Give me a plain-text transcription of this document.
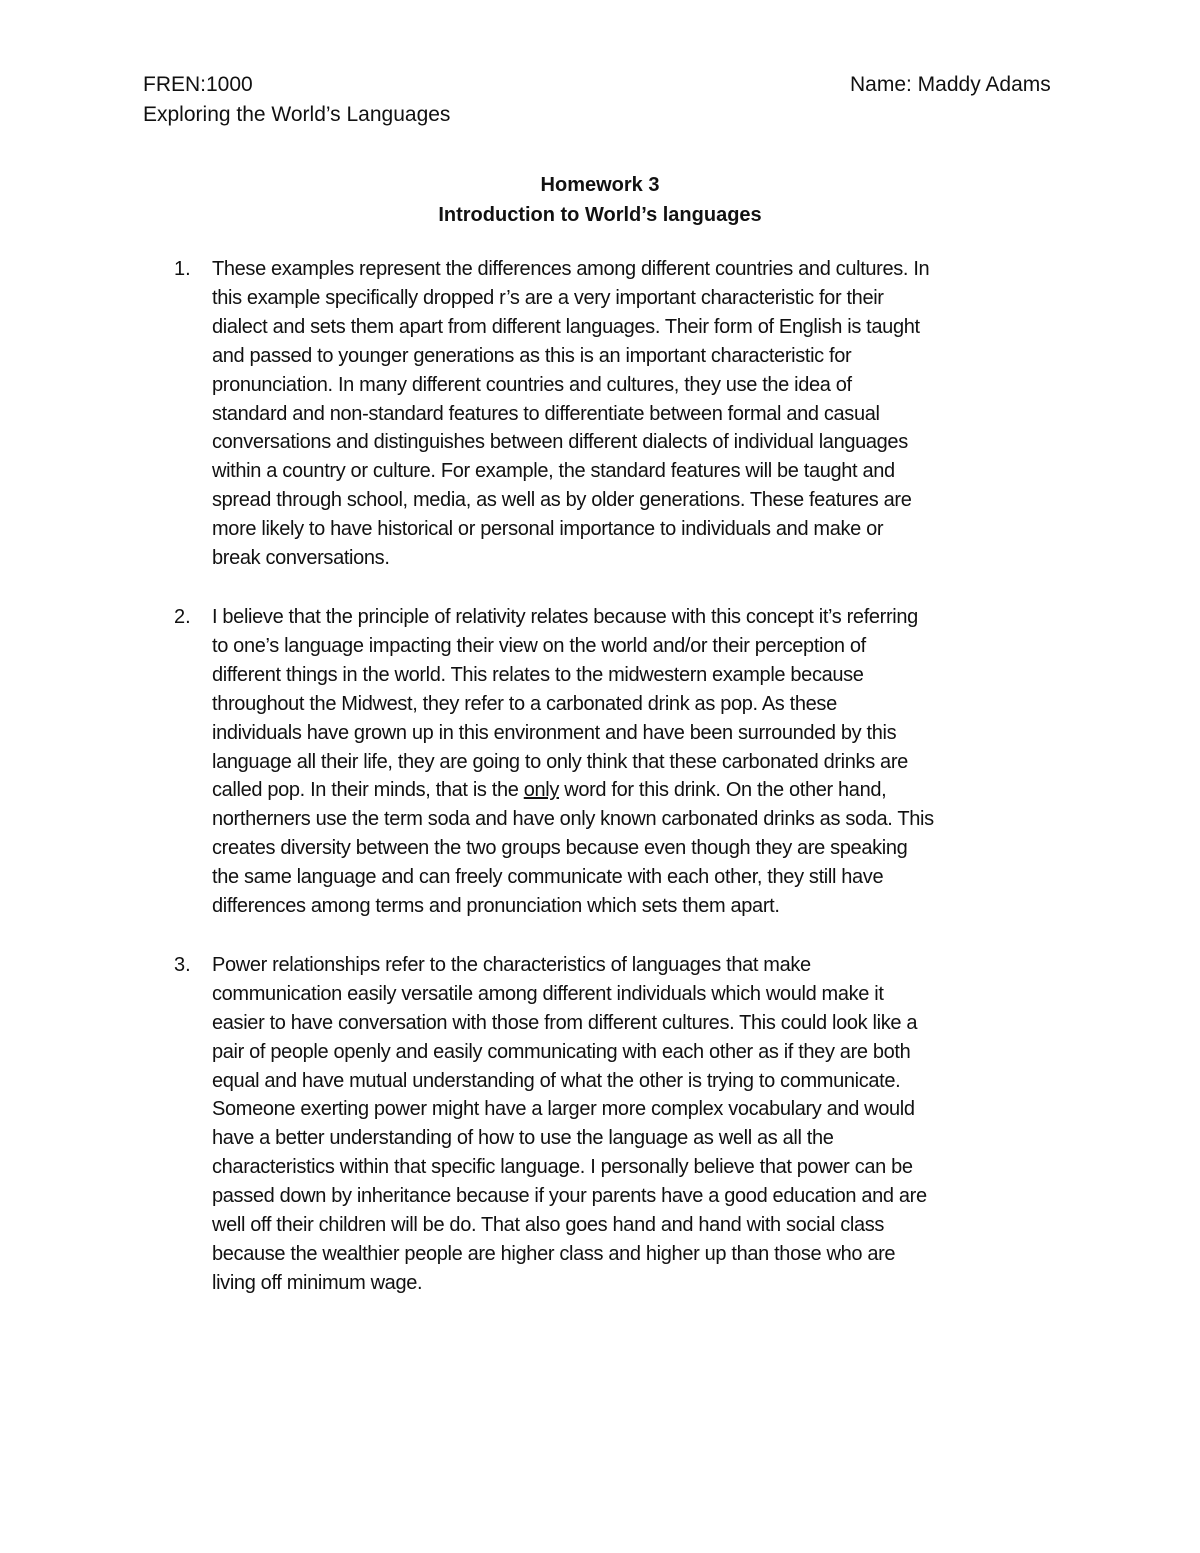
FREN:1000
Exploring the World’s Languages
Name: Maddy Adams
Homework 3
Introduction to World’s languages
1. These examples represent the differences among different countries and cultures. In
this example specifically dropped r’s are a very important characteristic for their
dialect and sets them apart from different languages. Their form of English is taught
and passed to younger generations as this is an important characteristic for
pronunciation. In many different countries and cultures, they use the idea of
standard and non-standard features to differentiate between formal and casual
conversations and distinguishes between different dialects of individual languages
within a country or culture. For example, the standard features will be taught and
spread through school, media, as well as by older generations. These features are
more likely to have historical or personal importance to individuals and make or
break conversations.
2. I believe that the principle of relativity relates because with this concept it’s referring
to one’s language impacting their view on the world and/or their perception of
different things in the world. This relates to the midwestern example because
throughout the Midwest, they refer to a carbonated drink as pop. As these
individuals have grown up in this environment and have been surrounded by this
language all their life, they are going to only think that these carbonated drinks are
called pop. In their minds, that is the only word for this drink. On the other hand,
northerners use the term soda and have only known carbonated drinks as soda. This
creates diversity between the two groups because even though they are speaking
the same language and can freely communicate with each other, they still have
differences among terms and pronunciation which sets them apart.
3. Power relationships refer to the characteristics of languages that make
communication easily versatile among different individuals which would make it
easier to have conversation with those from different cultures. This could look like a
pair of people openly and easily communicating with each other as if they are both
equal and have mutual understanding of what the other is trying to communicate.
Someone exerting power might have a larger more complex vocabulary and would
have a better understanding of how to use the language as well as all the
characteristics within that specific language. I personally believe that power can be
passed down by inheritance because if your parents have a good education and are
well off their children will be do. That also goes hand and hand with social class
because the wealthier people are higher class and higher up than those who are
living off minimum wage.
